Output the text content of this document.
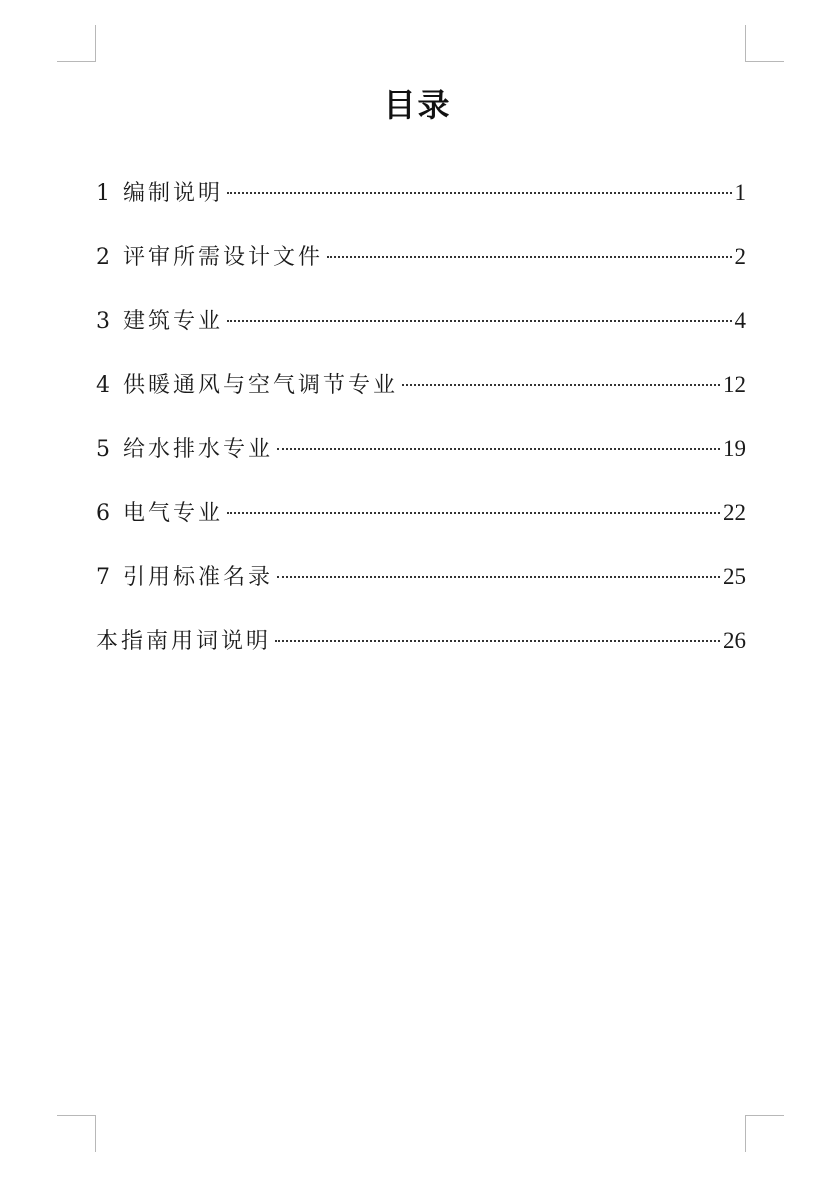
目录
1 编制说明	1
2 评审所需设计文件	2
3 建筑专业	4
4 供暖通风与空气调节专业	12
5 给水排水专业	19
6 电气专业	22
7 引用标准名录	25
本指南用词说明	26
